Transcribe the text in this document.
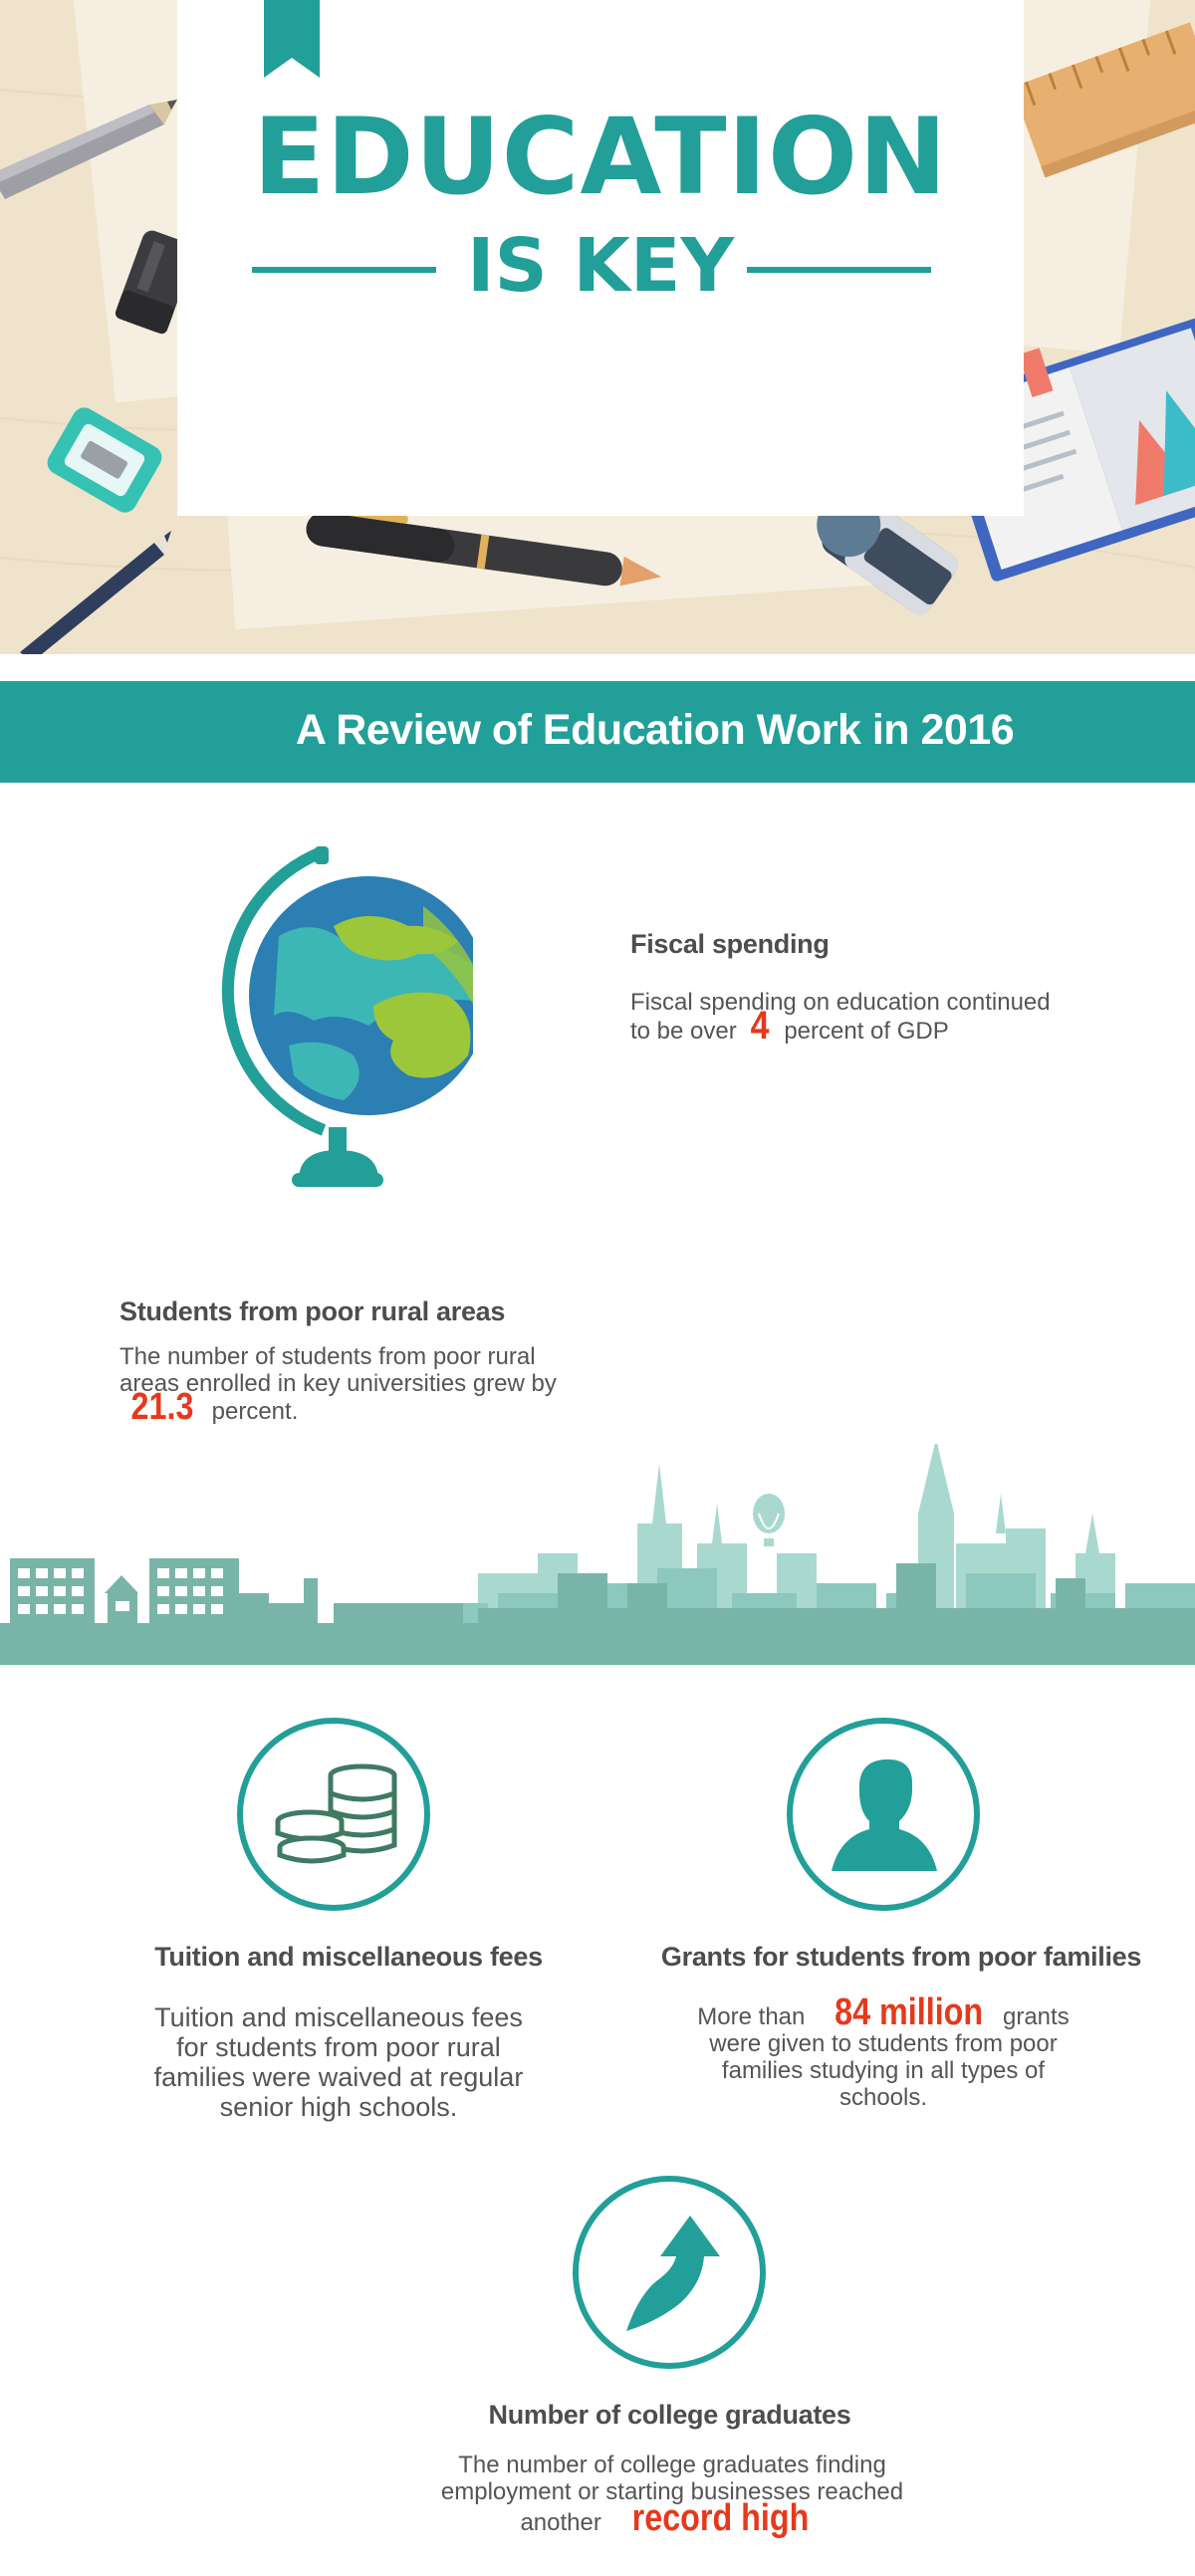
EDUCATION
IS KEY
A Review of Education Work in 2016
Fiscal spending
Fiscal spending on education continued to be over 4 percent of GDP
Students from poor rural areas
The number of students from poor rural areas enrolled in key universities grew by 21.3 percent.
Tuition and miscellaneous fees
Tuition and miscellaneous fees for students from poor rural families were waived at regular senior high schools.
Grants for students from poor families
More than 84 million grants were given to students from poor families studying in all types of schools.
Number of college graduates
The number of college graduates finding employment or starting businesses reached another record high
